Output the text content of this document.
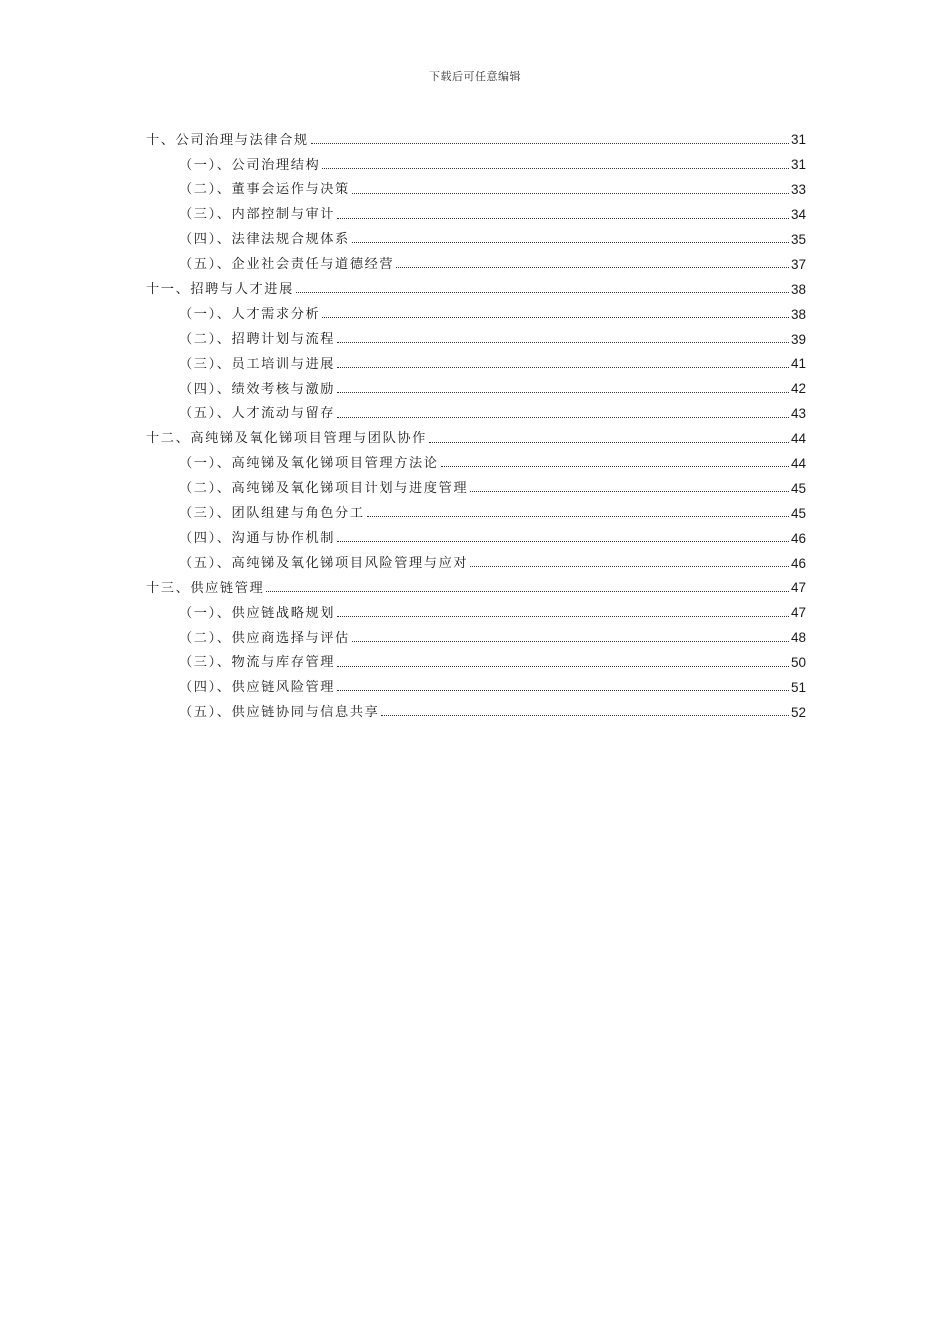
下载后可任意编辑
十、公司治理与法律合规	31
（一）、公司治理结构	31
（二）、董事会运作与决策	33
（三）、内部控制与审计	34
（四）、法律法规合规体系	35
（五）、企业社会责任与道德经营	37
十一、招聘与人才进展	38
（一）、人才需求分析	38
（二）、招聘计划与流程	39
（三）、员工培训与进展	41
（四）、绩效考核与激励	42
（五）、人才流动与留存	43
十二、高纯锑及氧化锑项目管理与团队协作	44
（一）、高纯锑及氧化锑项目管理方法论	44
（二）、高纯锑及氧化锑项目计划与进度管理	45
（三）、团队组建与角色分工	45
（四）、沟通与协作机制	46
（五）、高纯锑及氧化锑项目风险管理与应对	46
十三、供应链管理	47
（一）、供应链战略规划	47
（二）、供应商选择与评估	48
（三）、物流与库存管理	50
（四）、供应链风险管理	51
（五）、供应链协同与信息共享	52
